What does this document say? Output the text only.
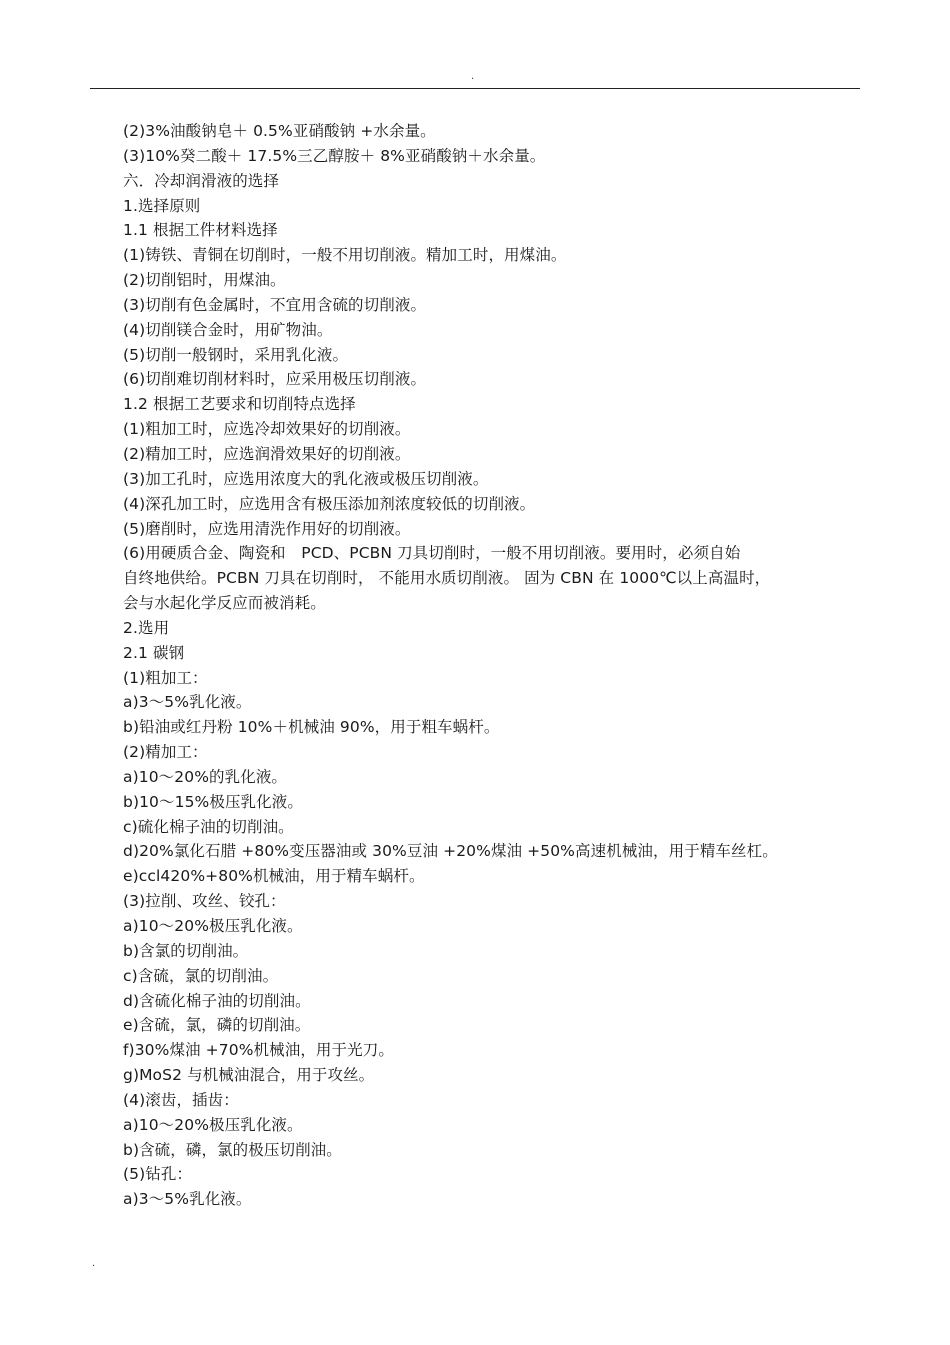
.
(2)3%油酸钠皂＋ 0.5%亚硝酸钠 +水余量。
(3)10%癸二酸＋ 17.5%三乙醇胺＋ 8%亚硝酸钠＋水余量。
六．冷却润滑液的选择
1.选择原则
1.1 根据工件材料选择
(1)铸铁、青铜在切削时，一般不用切削液。精加工时，用煤油。
(2)切削铝时，用煤油。
(3)切削有色金属时，不宜用含硫的切削液。
(4)切削镁合金时，用矿物油。
(5)切削一般钢时，采用乳化液。
(6)切削难切削材料时，应采用极压切削液。
1.2 根据工艺要求和切削特点选择
(1)粗加工时，应选冷却效果好的切削液。
(2)精加工时，应选润滑效果好的切削液。
(3)加工孔时，应选用浓度大的乳化液或极压切削液。
(4)深孔加工时，应选用含有极压添加剂浓度较低的切削液。
(5)磨削时，应选用清洗作用好的切削液。
(6)用硬质合金、陶瓷和　PCD、PCBN 刀具切削时，一般不用切削液。要用时，必须自始
自终地供给。PCBN 刀具在切削时， 不能用水质切削液。 固为 CBN 在 1000℃以上高温时，
会与水起化学反应而被消耗。
2.选用
2.1 碳钢
(1)粗加工：
a)3～5%乳化液。
b)铅油或红丹粉 10%＋机械油 90%，用于粗车蜗杆。
(2)精加工：
a)10～20%的乳化液。
b)10～15%极压乳化液。
c)硫化棉子油的切削油。
d)20%氯化石腊 +80%变压器油或 30%豆油 +20%煤油 +50%高速机械油，用于精车丝杠。
e)ccl420%+80%机械油，用于精车蜗杆。
(3)拉削、攻丝、铰孔：
a)10～20%极压乳化液。
b)含氯的切削油。
c)含硫，氯的切削油。
d)含硫化棉子油的切削油。
e)含硫，氯，磷的切削油。
f)30%煤油 +70%机械油，用于光刀。
g)MoS2 与机械油混合，用于攻丝。
(4)滚齿，插齿：
a)10～20%极压乳化液。
b)含硫，磷，氯的极压切削油。
(5)钻孔：
a)3～5%乳化液。
.
